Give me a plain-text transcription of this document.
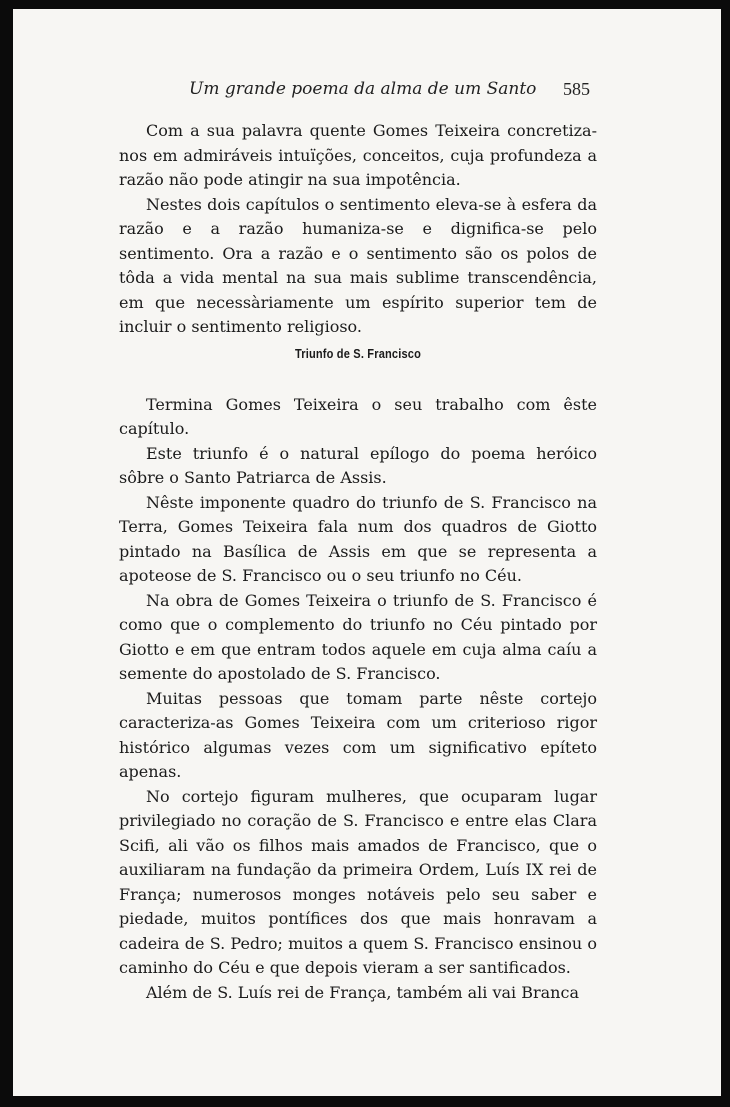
Um grande poema da alma de um Santo 585

Com a sua palavra quente Gomes Teixeira concretiza-nos em admiráveis intuïções, conceitos, cuja profundeza a razão não pode atingir na sua impotência.

Nestes dois capítulos o sentimento eleva-se à esfera da razão e a razão humaniza-se e dignifica-se pelo sentimento. Ora a razão e o sentimento são os polos de tôda a vida mental na sua mais sublime transcendência, em que necessàriamente um espírito superior tem de incluir o sentimento religioso.

Triunfo de S. Francisco

Termina Gomes Teixeira o seu trabalho com êste capítulo.

Este triunfo é o natural epílogo do poema heróico sôbre o Santo Patriarca de Assis.

Nêste imponente quadro do triunfo de S. Francisco na Terra, Gomes Teixeira fala num dos quadros de Giotto pintado na Basílica de Assis em que se representa a apoteose de S. Francisco ou o seu triunfo no Céu.

Na obra de Gomes Teixeira o triunfo de S. Francisco é como que o complemento do triunfo no Céu pintado por Giotto e em que entram todos aquele em cuja alma caíu a semente do apostolado de S. Francisco.

Muitas pessoas que tomam parte nêste cortejo caracteriza-as Gomes Teixeira com um criterioso rigor histórico algumas vezes com um significativo epíteto apenas.

No cortejo figuram mulheres, que ocuparam lugar privilegiado no coração de S. Francisco e entre elas Clara Scifi, ali vão os filhos mais amados de Francisco, que o auxiliaram na fundação da primeira Ordem, Luís IX rei de França; numerosos monges notáveis pelo seu saber e piedade, muitos pontífices dos que mais honravam a cadeira de S. Pedro; muitos a quem S. Francisco ensinou o caminho do Céu e que depois vieram a ser santificados.

Além de S. Luís rei de França, também ali vai Branca
